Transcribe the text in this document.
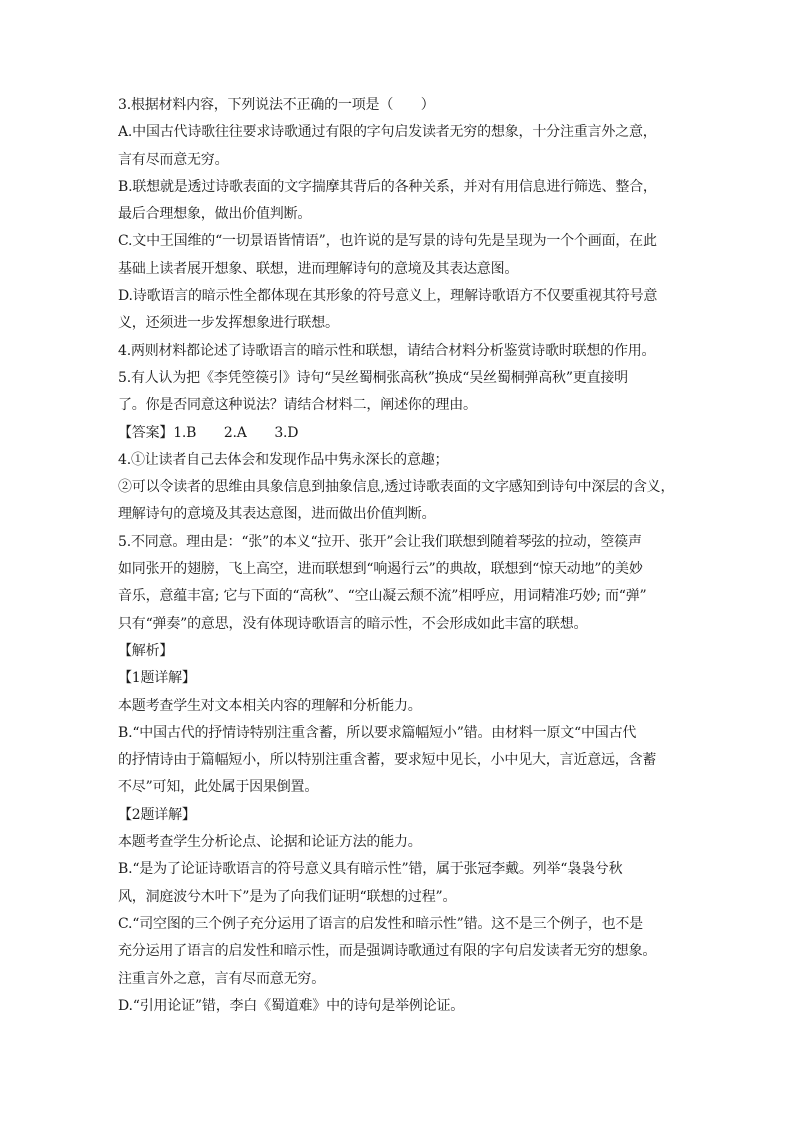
3.根据材料内容，下列说法不正确的一项是（　　）
A.中国古代诗歌往往要求诗歌通过有限的字句启发读者无穷的想象，十分注重言外之意，
言有尽而意无穷。
B.联想就是透过诗歌表面的文字揣摩其背后的各种关系，并对有用信息进行筛选、整合，
最后合理想象，做出价值判断。
C.文中王国维的“一切景语皆情语”，也许说的是写景的诗句先是呈现为一个个画面，在此
基础上读者展开想象、联想，进而理解诗句的意境及其表达意图。
D.诗歌语言的暗示性全都体现在其形象的符号意义上，理解诗歌语方不仅要重视其符号意
义，还须进一步发挥想象进行联想。
4.两则材料都论述了诗歌语言的暗示性和联想，请结合材料分析鉴赏诗歌时联想的作用。
5.有人认为把《李凭箜篌引》诗句“吴丝蜀桐张高秋”换成“吴丝蜀桐弹高秋”更直接明
了。你是否同意这种说法？请结合材料二，阐述你的理由。
【答案】1.B　　2.A　　3.D
4.①让读者自己去体会和发现作品中隽永深长的意趣；
②可以令读者的思维由具象信息到抽象信息,透过诗歌表面的文字感知到诗句中深层的含义，
理解诗句的意境及其表达意图，进而做出价值判断。
5.不同意。理由是：“张”的本义“拉开、张开”会让我们联想到随着琴弦的拉动，箜篌声
如同张开的翅膀，飞上高空，进而联想到“响遏行云”的典故，联想到“惊天动地”的美妙
音乐，意蕴丰富; 它与下面的“高秋”、“空山凝云颓不流”相呼应，用词精准巧妙; 而“弹”
只有“弹奏”的意思，没有体现诗歌语言的暗示性，不会形成如此丰富的联想。
【解析】
【1题详解】
本题考查学生对文本相关内容的理解和分析能力。
B.“中国古代的抒情诗特别注重含蓄，所以要求篇幅短小”错。由材料一原文“中国古代
的抒情诗由于篇幅短小，所以特别注重含蓄，要求短中见长，小中见大，言近意远，含蓄
不尽”可知，此处属于因果倒置。
【2题详解】
本题考查学生分析论点、论据和论证方法的能力。
B.“是为了论证诗歌语言的符号意义具有暗示性”错，属于张冠李戴。列举“袅袅兮秋
风，洞庭波兮木叶下”是为了向我们证明“联想的过程”。
C.“司空图的三个例子充分运用了语言的启发性和暗示性”错。这不是三个例子，也不是
充分运用了语言的启发性和暗示性，而是强调诗歌通过有限的字句启发读者无穷的想象。
注重言外之意，言有尽而意无穷。
D.“引用论证”错，李白《蜀道难》中的诗句是举例论证。
